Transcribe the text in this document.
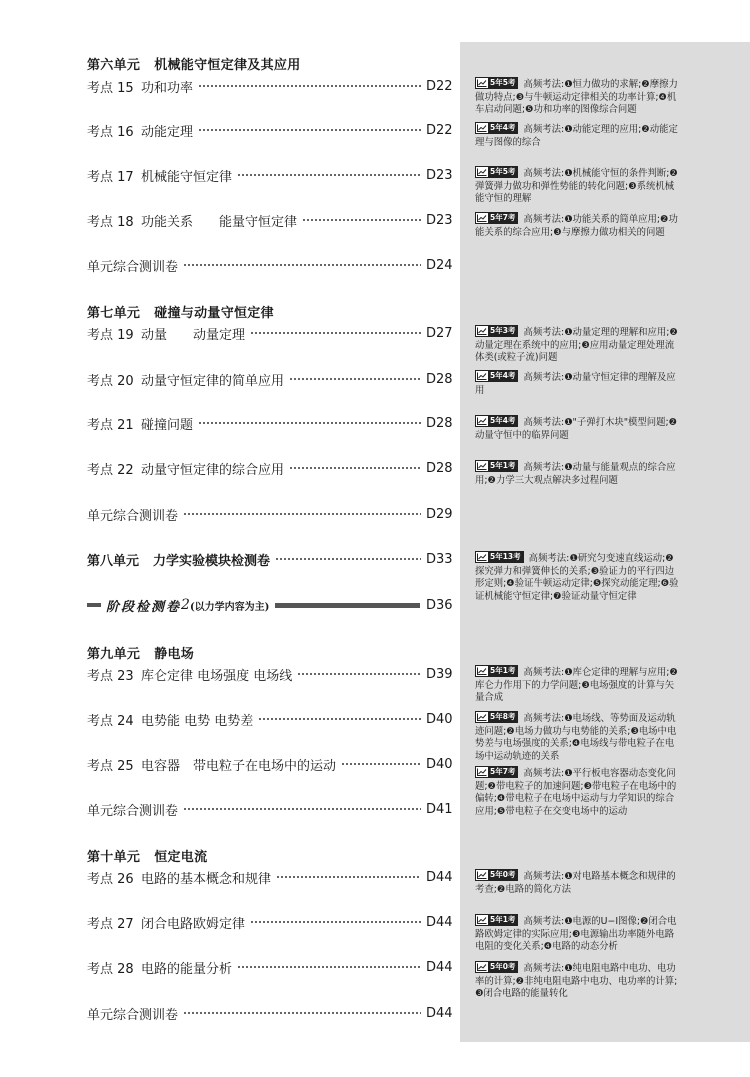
第六单元 机械能守恒定律及其应用
考点 15 功和功率	D22
考点 16 动能定理	D22
考点 17 机械能守恒定律	D23
考点 18 功能关系　　能量守恒定律	D23
单元综合测训卷	D24
第七单元 碰撞与动量守恒定律
考点 19 动量　　动量定理	D27
考点 20 动量守恒定律的简单应用	D28
考点 21 碰撞问题	D28
考点 22 动量守恒定律的综合应用	D28
单元综合测训卷	D29
第八单元 力学实验模块检测卷	D33
阶段检测卷 2 (以力学内容为主)	D36
第九单元 静电场
考点 23 库仑定律 电场强度 电场线	D39
考点 24 电势能 电势 电势差	D40
考点 25 电容器　带电粒子在电场中的运动	D40
单元综合测训卷	D41
第十单元 恒定电流
考点 26 电路的基本概念和规律	D44
考点 27 闭合电路欧姆定律	D44
考点 28 电路的能量分析	D44
单元综合测训卷	D44
5年5考 高频考法:❶恒力做功的求解;❷摩擦力做功特点;❸与牛顿运动定律相关的功率计算;❹机车启动问题;❺功和功率的图像综合问题
5年4考 高频考法:❶动能定理的应用;❷动能定理与图像的综合
5年5考 高频考法:❶机械能守恒的条件判断;❷弹簧弹力做功和弹性势能的转化问题;❸系统机械能守恒的理解
5年7考 高频考法:❶功能关系的简单应用;❷功能关系的综合应用;❸与摩擦力做功相关的问题
5年3考 高频考法:❶动量定理的理解和应用;❷动量定理在系统中的应用;❸应用动量定理处理流体类(或粒子流)问题
5年4考 高频考法:❶动量守恒定律的理解及应用
5年4考 高频考法:❶"子弹打木块"模型问题;❷动量守恒中的临界问题
5年1考 高频考法:❶动量与能量观点的综合应用;❷力学三大观点解决多过程问题
5年13考 高频考法:❶研究匀变速直线运动;❷探究弹力和弹簧伸长的关系;❸验证力的平行四边形定则;❹验证牛顿运动定律;❺探究动能定理;❻验证机械能守恒定律;❼验证动量守恒定律
5年1考 高频考法:❶库仑定律的理解与应用;❷库仑力作用下的力学问题;❸电场强度的计算与矢量合成
5年8考 高频考法:❶电场线、等势面及运动轨迹问题;❷电场力做功与电势能的关系;❸电场中电势差与电场强度的关系;❹电场线与带电粒子在电场中运动轨迹的关系
5年7考 高频考法:❶平行板电容器动态变化问题;❷带电粒子的加速问题;❸带电粒子在电场中的偏转;❹带电粒子在电场中运动与力学知识的综合应用;❺带电粒子在交变电场中的运动
5年0考 高频考法:❶对电路基本概念和规律的考查;❷电路的简化方法
5年1考 高频考法:❶电源的U−I图像;❷闭合电路欧姆定律的实际应用;❸电源输出功率随外电路电阻的变化关系;❹电路的动态分析
5年0考 高频考法:❶纯电阻电路中电功、电功率的计算;❷非纯电阻电路中电功、电功率的计算;❸闭合电路的能量转化
